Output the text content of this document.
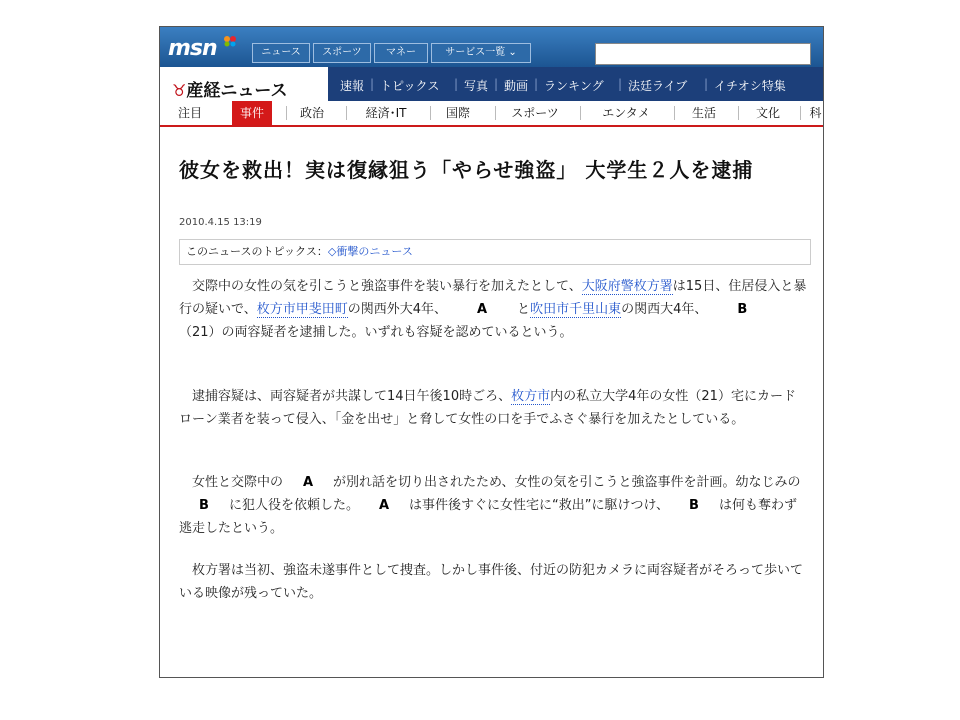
msn	ニュース	スポーツ	マネー	サービス一覧 ⌄
♉産経ニュース	速報 | トピックス | 写真 | 動画 | ランキング | 法廷ライブ | イチオシ特集
注目	事件	政治	経済･IT	国際	スポーツ	エンタメ	生活	文化	科
彼女を救出！実は復縁狙う「やらせ強盗」 大学生２人を逮捕
2010.4.15 13:19
このニュースのトピックス：◇衝撃のニュース
　交際中の女性の気を引こうと強盗事件を装い暴行を加えたとして、大阪府警枚方署は15日、住居侵入と暴行の疑いで、枚方市甲斐田町の関西外大4年、 A と吹田市千里山東の関西大4年、 B（21）の両容疑者を逮捕した。いずれも容疑を認めているという。
　逮捕容疑は、両容疑者が共謀して14日午後10時ごろ、枚方市内の私立大学4年の女性（21）宅にカードローン業者を装って侵入、「金を出せ」と脅して女性の口を手でふさぐ暴行を加えたとしている。
　女性と交際中の A が別れ話を切り出されたため、女性の気を引こうと強盗事件を計画。幼なじみのB に犯人役を依頼した。 A は事件後すぐに女性宅に“救出”に駆けつけ、 B は何も奪わず逃走したという。
　枚方署は当初、強盗未遂事件として捜査。しかし事件後、付近の防犯カメラに両容疑者がそろって歩いている映像が残っていた。
